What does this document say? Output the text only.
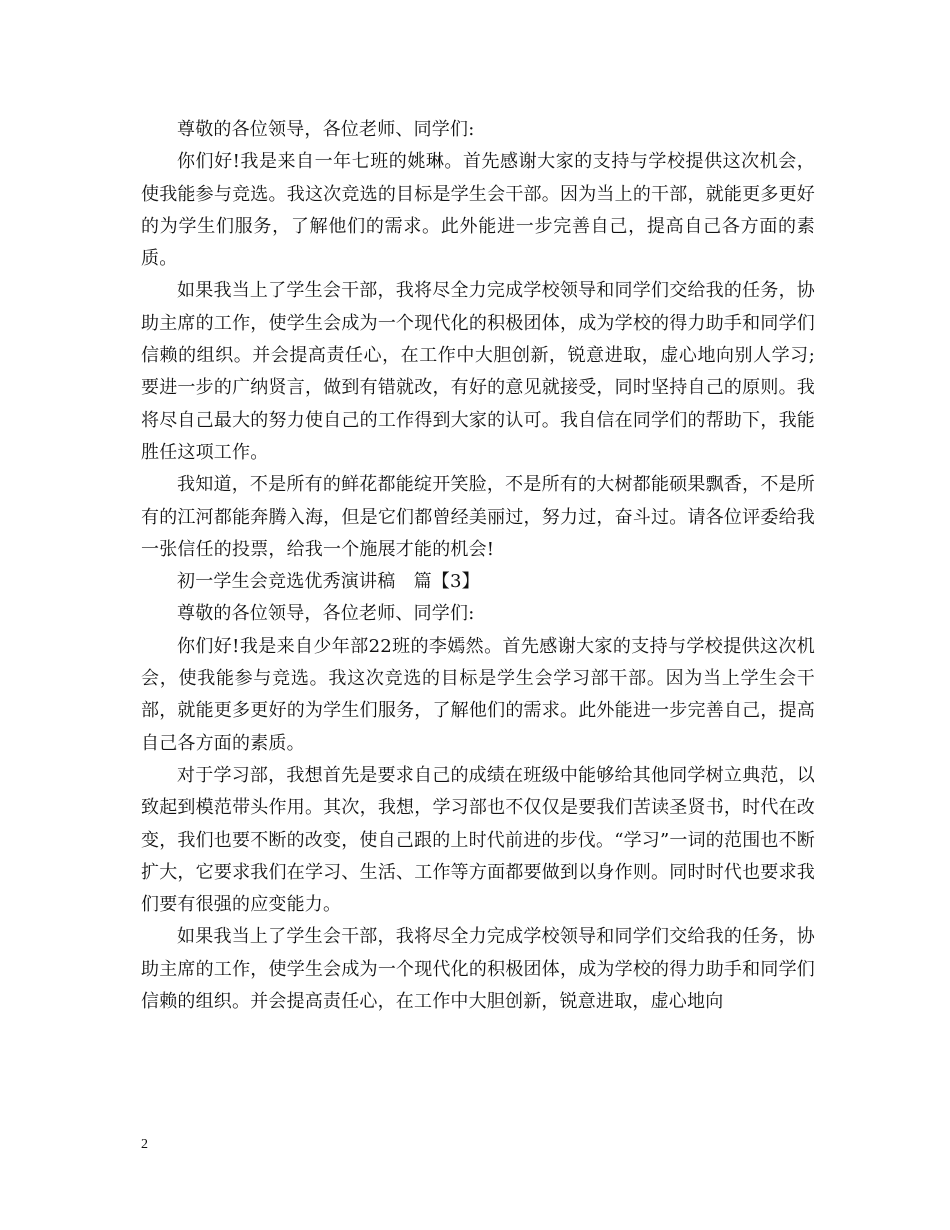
尊敬的各位领导，各位老师、同学们:

你们好!我是来自一年七班的姚琳。首先感谢大家的支持与学校提供这次机会，使我能参与竞选。我这次竞选的目标是学生会干部。因为当上的干部，就能更多更好的为学生们服务，了解他们的需求。此外能进一步完善自己，提高自己各方面的素质。

如果我当上了学生会干部，我将尽全力完成学校领导和同学们交给我的任务，协助主席的工作，使学生会成为一个现代化的积极团体，成为学校的得力助手和同学们信赖的组织。并会提高责任心，在工作中大胆创新，锐意进取，虚心地向别人学习;要进一步的广纳贤言，做到有错就改，有好的意见就接受，同时坚持自己的原则。我将尽自己最大的努力使自己的工作得到大家的认可。我自信在同学们的帮助下，我能胜任这项工作。

我知道，不是所有的鲜花都能绽开笑脸，不是所有的大树都能硕果飘香，不是所有的江河都能奔腾入海，但是它们都曾经美丽过，努力过，奋斗过。请各位评委给我一张信任的投票，给我一个施展才能的机会!

初一学生会竞选优秀演讲稿　篇【3】

尊敬的各位领导，各位老师、同学们:

你们好!我是来自少年部22班的李嫣然。首先感谢大家的支持与学校提供这次机会，使我能参与竞选。我这次竞选的目标是学生会学习部干部。因为当上学生会干部，就能更多更好的为学生们服务，了解他们的需求。此外能进一步完善自己，提高自己各方面的素质。

对于学习部，我想首先是要求自己的成绩在班级中能够给其他同学树立典范，以致起到模范带头作用。其次，我想，学习部也不仅仅是要我们苦读圣贤书，时代在改变，我们也要不断的改变，使自己跟的上时代前进的步伐。“学习”一词的范围也不断扩大，它要求我们在学习、生活、工作等方面都要做到以身作则。同时时代也要求我们要有很强的应变能力。

如果我当上了学生会干部，我将尽全力完成学校领导和同学们交给我的任务，协助主席的工作，使学生会成为一个现代化的积极团体，成为学校的得力助手和同学们信赖的组织。并会提高责任心，在工作中大胆创新，锐意进取，虚心地向

2
